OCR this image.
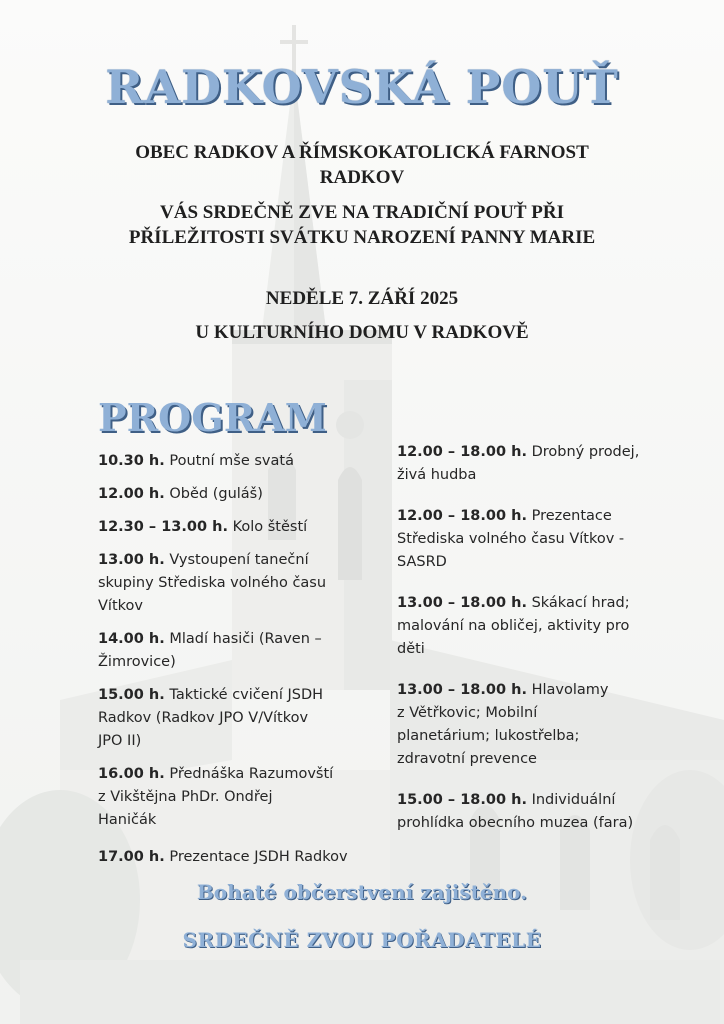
RADKOVSKÁ POUŤ
OBEC RADKOV A ŘÍMSKOKATOLICKÁ FARNOST
RADKOV
VÁS SRDEČNĚ ZVE NA TRADIČNÍ POUŤ PŘI
PŘÍLEŽITOSTI SVÁTKU NAROZENÍ PANNY MARIE
NEDĚLE 7. ZÁŘÍ 2025
U KULTURNÍHO DOMU V RADKOVĚ
PROGRAM
10.30 h. Poutní mše svatá
12.00 h. Oběd (guláš)
12.30 – 13.00 h. Kolo štěstí
13.00 h. Vystoupení taneční
skupiny Střediska volného času
Vítkov
14.00 h. Mladí hasiči (Raven –
Žimrovice)
15.00 h. Taktické cvičení JSDH
Radkov (Radkov JPO V/Vítkov
JPO II)
16.00 h. Přednáška Razumovští
z Vikštějna PhDr. Ondřej
Haničák
17.00 h. Prezentace JSDH Radkov
12.00 – 18.00 h. Drobný prodej,
živá hudba
12.00 – 18.00 h. Prezentace
Střediska volného času Vítkov -
SASRD
13.00 – 18.00 h. Skákací hrad;
malování na obličej, aktivity pro
děti
13.00 – 18.00 h. Hlavolamy
z Větřkovic; Mobilní
planetárium; lukostřelba;
zdravotní prevence
15.00 – 18.00 h. Individuální
prohlídka obecního muzea (fara)
Bohaté občerstvení zajištěno.
SRDEČNĚ ZVOU POŘADATELÉ
